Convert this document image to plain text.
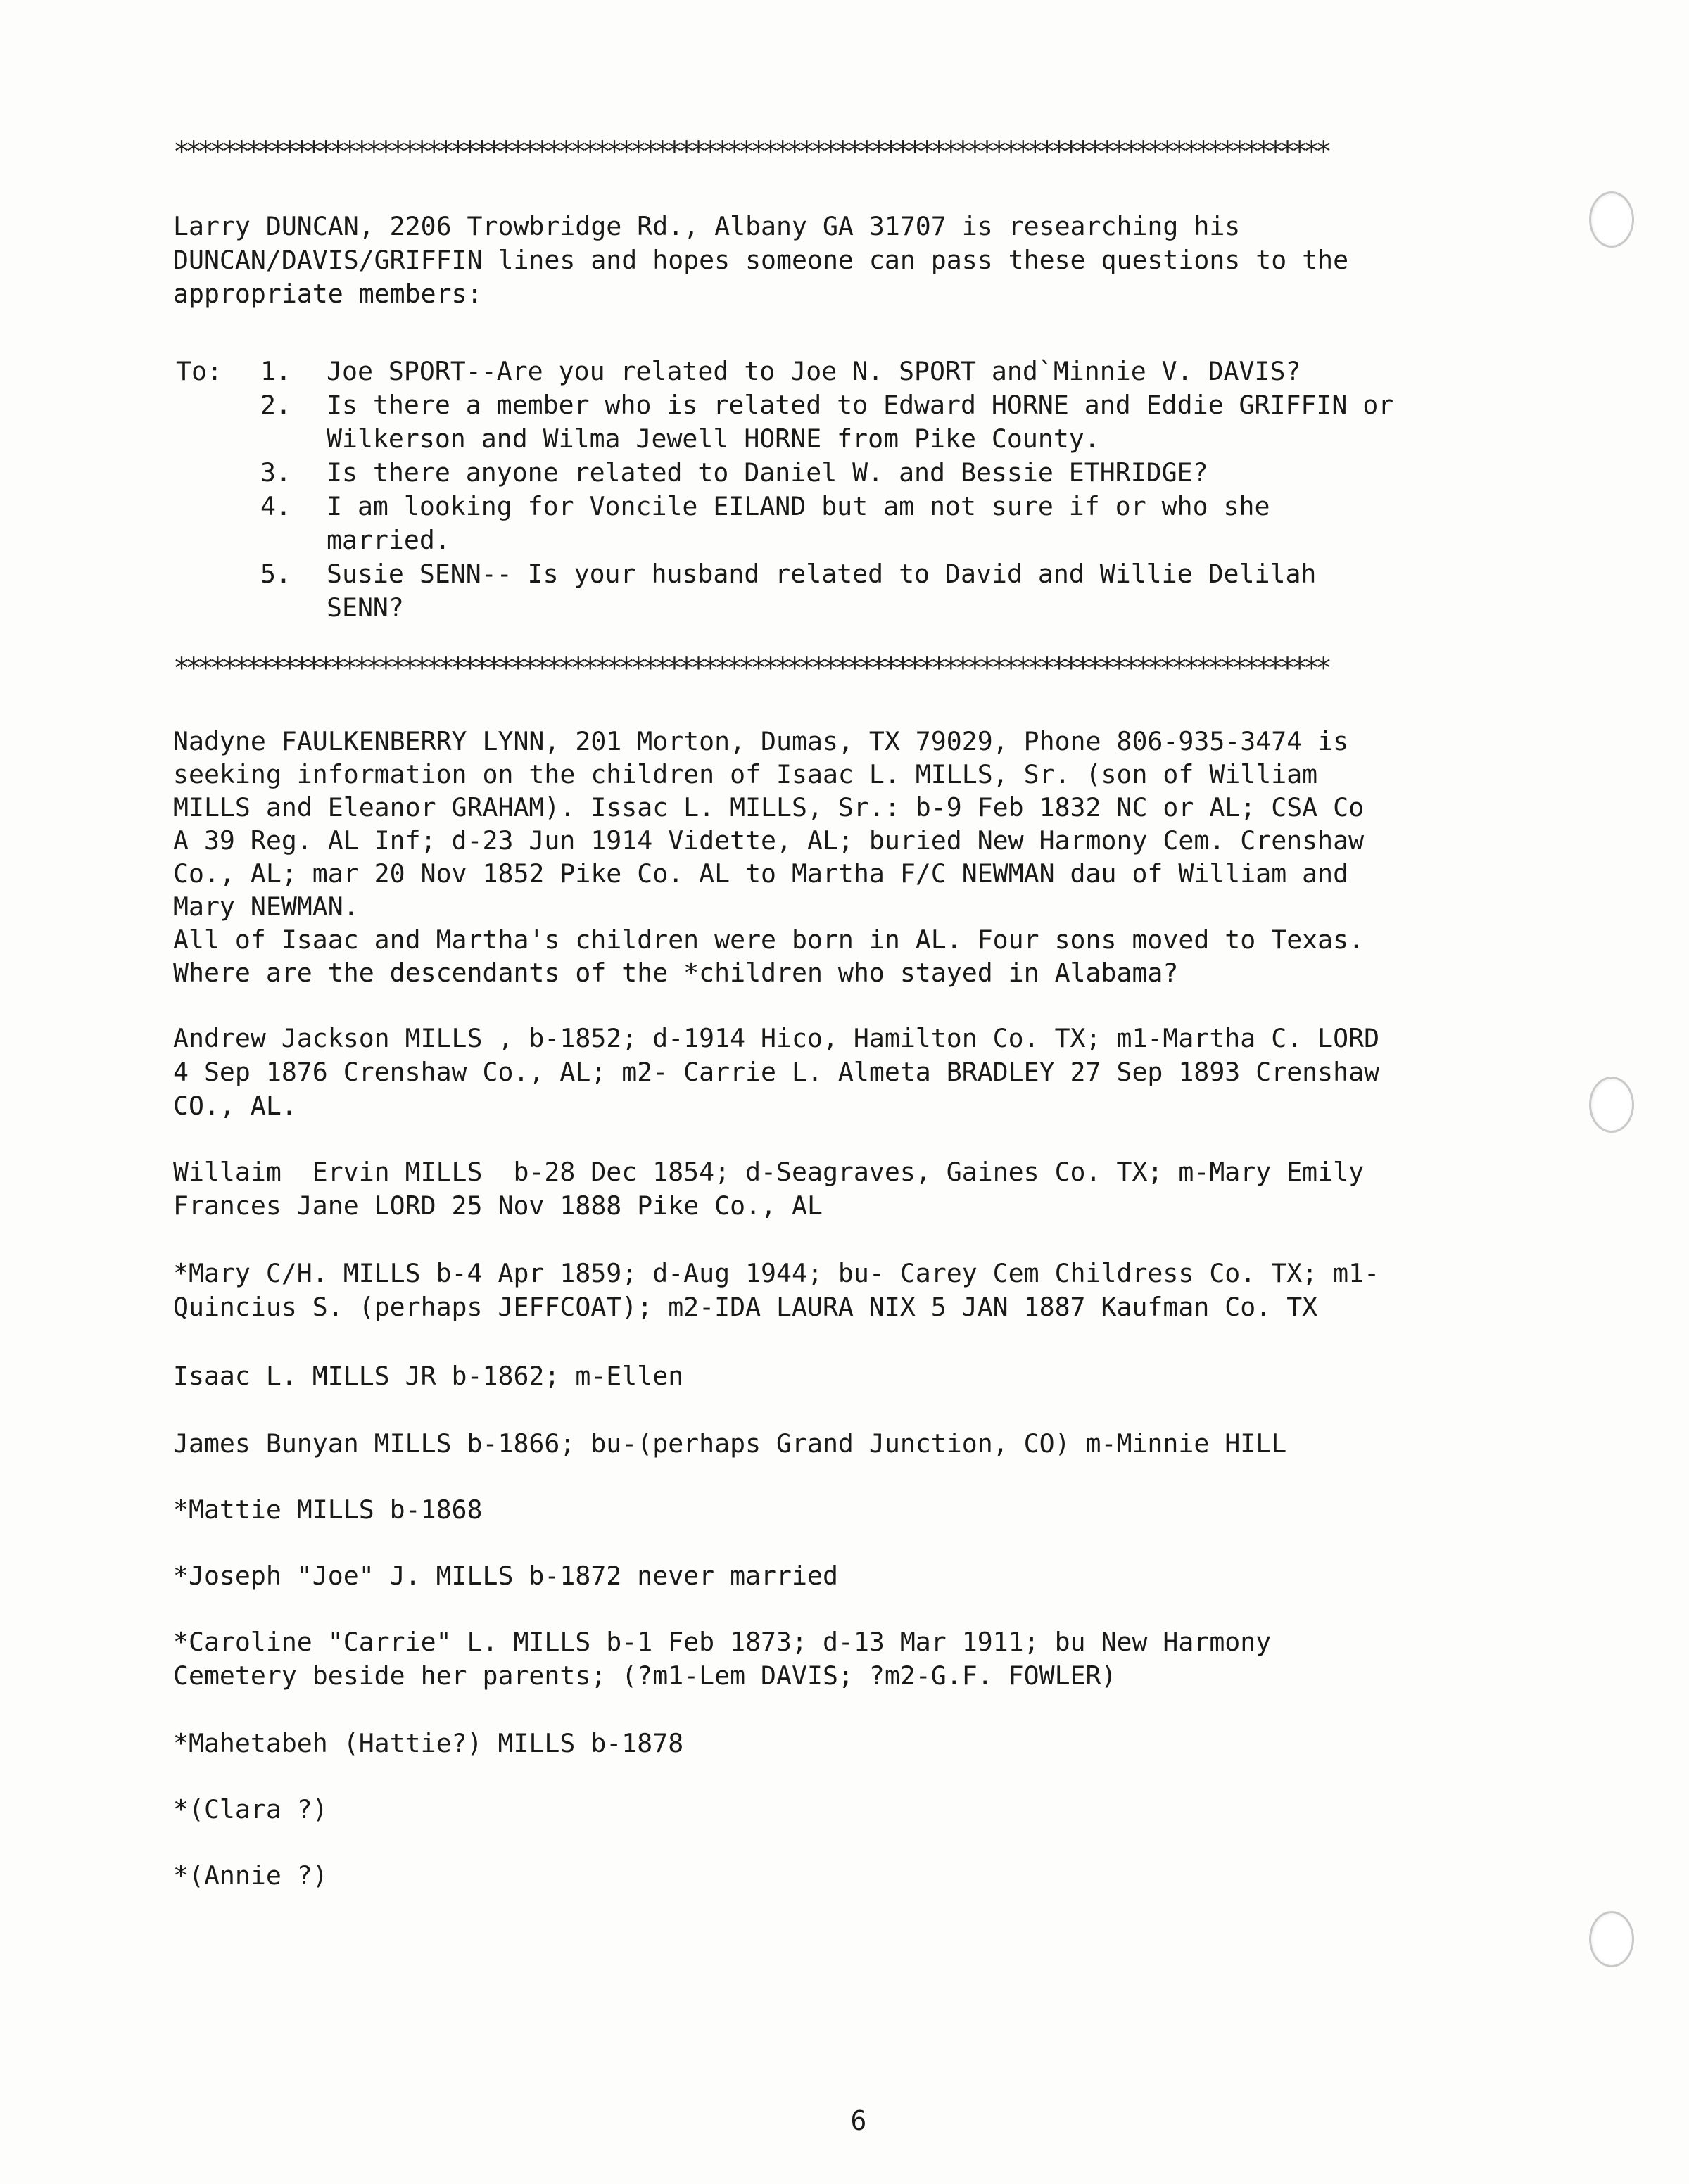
************************************************************************************************
Larry DUNCAN, 2206 Trowbridge Rd., Albany GA 31707 is researching his
DUNCAN/DAVIS/GRIFFIN lines and hopes someone can pass these questions to the
appropriate members:
To: 1. Joe SPORT--Are you related to Joe N. SPORT and`Minnie V. DAVIS?
2. Is there a member who is related to Edward HORNE and Eddie GRIFFIN or
Wilkerson and Wilma Jewell HORNE from Pike County.
3. Is there anyone related to Daniel W. and Bessie ETHRIDGE?
4. I am looking for Voncile EILAND but am not sure if or who she
married.
5. Susie SENN-- Is your husband related to David and Willie Delilah
SENN?
************************************************************************************************
Nadyne FAULKENBERRY LYNN, 201 Morton, Dumas, TX 79029, Phone 806-935-3474 is
seeking information on the children of Isaac L. MILLS, Sr. (son of William
MILLS and Eleanor GRAHAM). Issac L. MILLS, Sr.: b-9 Feb 1832 NC or AL; CSA Co
A 39 Reg. AL Inf; d-23 Jun 1914 Vidette, AL; buried New Harmony Cem. Crenshaw
Co., AL; mar 20 Nov 1852 Pike Co. AL to Martha F/C NEWMAN dau of William and
Mary NEWMAN.
All of Isaac and Martha's children were born in AL. Four sons moved to Texas.
Where are the descendants of the *children who stayed in Alabama?
Andrew Jackson MILLS , b-1852; d-1914 Hico, Hamilton Co. TX; m1-Martha C. LORD
4 Sep 1876 Crenshaw Co., AL; m2- Carrie L. Almeta BRADLEY 27 Sep 1893 Crenshaw
CO., AL.
Willaim  Ervin MILLS  b-28 Dec 1854; d-Seagraves, Gaines Co. TX; m-Mary Emily
Frances Jane LORD 25 Nov 1888 Pike Co., AL
*Mary C/H. MILLS b-4 Apr 1859; d-Aug 1944; bu- Carey Cem Childress Co. TX; m1-
Quincius S. (perhaps JEFFCOAT); m2-IDA LAURA NIX 5 JAN 1887 Kaufman Co. TX
Isaac L. MILLS JR b-1862; m-Ellen
James Bunyan MILLS b-1866; bu-(perhaps Grand Junction, CO) m-Minnie HILL
*Mattie MILLS b-1868
*Joseph "Joe" J. MILLS b-1872 never married
*Caroline "Carrie" L. MILLS b-1 Feb 1873; d-13 Mar 1911; bu New Harmony
Cemetery beside her parents; (?m1-Lem DAVIS; ?m2-G.F. FOWLER)
*Mahetabeh (Hattie?) MILLS b-1878
*(Clara ?)
*(Annie ?)
6
